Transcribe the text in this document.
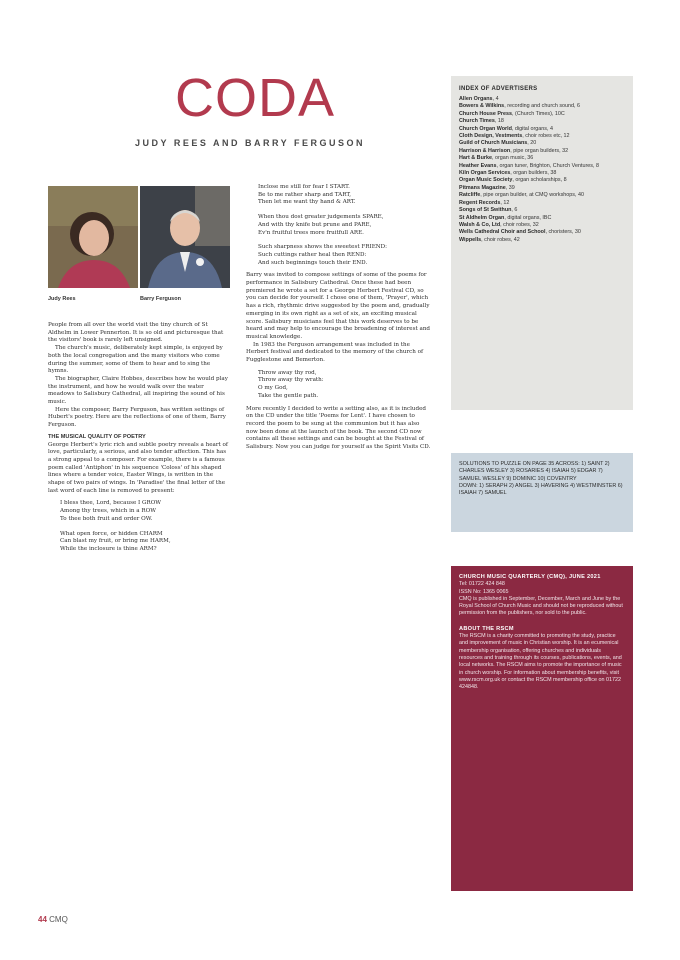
CODA
JUDY REES AND BARRY FERGUSON
Judy Rees	Barry Ferguson

People from all over the world visit the tiny church of St Aldhelm in Lower Pennerton. It is so old and picturesque that the visitors' book is rarely left unsigned.

The church's music, deliberately kept simple, is enjoyed by both the local congregation and the many visitors who come during the summer, some of them to hear and to sing the hymns.

The biographer, Claire Hobbes, describes how he would play the instrument, and how he would walk over the water meadows to Salisbury Cathedral, all inspiring the sound of his music.

Here the composer, Barry Ferguson, has written settings of Hubert's poetry. Here are the reflections of one of them, Barry Ferguson.

THE MUSICAL QUALITY OF POETRY

George Herbert's lyric rich and subtle poetry reveals a heart of love, particularly, a serious, and also tender affection. This has a strong appeal to a composer. For example, there is a famous poem called 'Antiphon' in his sequence 'Coloss' of his shaped lines where a tender voice, Easter Wings, is written in the shape of two pairs of wings. In 'Paradise' the final letter of the last word of each line is removed to present:

I bless thee, Lord, because I GROW
Among thy trees, which in a ROW
To thee both fruit and order OW.
What open force, or hidden CHARM
Can blast my fruit, or bring me HARM,
While the inclosure is thine ARM?
Inclose me still for fear I START.
Be to me rather sharp and TART,
Then let me want thy hand & ART.
When thou dost greater judgements SPARE,
And with thy knife but prune and PARE,
Ev'n fruitful trees more fruitfull ARE.
Such sharpness shows the sweetest FRIEND:
Such cuttings rather heal then REND:
And such beginnings touch their END.

Barry was invited to compose settings of some of the poems for performance in Salisbury Cathedral. Once these had been premiered he wrote a set for a George Herbert Festival CD, so you can decide for yourself. I chose one of them, 'Prayer', which has a rich, rhythmic drive suggested by the poem and, gradually emerging in its own right as a set of six, an exciting musical score. Salisbury musicians feel that this work deserves to be heard and may help to encourage the broadening of interest and musical knowledge.

In 1983 the Ferguson arrangement was included in the Herbert festival and dedicated to the memory of the church of Fugglestone and Bemerton.

Throw away thy rod,
Throw away thy wrath:
O my God,
Take the gentle path.

More recently I decided to write a setting also, as it is included on the CD under the title 'Poems for Lent'. I have chosen to record the poem to be sung at the communion but it has also now been done at the launch of the book. The second CD now contains all these settings and can be bought at the Festival of Salisbury. Now you can judge for yourself as the Spirit Visits CD.

INDEX OF ADVERTISERS
Allen Organs, 4
Bowers & Wilkins, recording and church sound, 6
Church House Press, (Church Times), 10C
Church Times, 18
Church Organ World, digital organs, 4
Cloth Design, Vestments, choir robes etc, 12
Guild of Church Musicians, 20
Harrison & Harrison, pipe organ builders, 32
Hart & Burke, organ music, 36
Heather Evans, organ tuner, Brighton, Church Ventures, 8
Kiln Organ Services, organ builders, 38
Organ Music Society, organ scholarships, 8
Pitmans Magazine, 39
Ratcliffe, pipe organ builder, at CMQ workshops, 40
Regent Records, 12
Songs of St Swithun, 6
St Aldhelm Organ, digital organs, IBC
Walsh & Co, Ltd, choir robes, 32
Wells Cathedral Choir and School, choristers, 30
Wippells, choir robes, 42
SOLUTIONS TO PUZZLE ON PAGE 35 ACROSS: 1) SAINT 2) CHARLES WESLEY 3) ROSARIES 4) ISAIAH 5) EDGAR 7) SAMUEL WESLEY 9) DOMINIC 10) COVENTRY
DOWN: 1) SERAPH 2) ANGEL 3) HAVERING 4) WESTMINSTER 6) ISAIAH 7) SAMUEL
CHURCH MUSIC QUARTERLY (CMQ), JUNE 2021

Tel: 01722 424 848

ISSN No: 1365 0065

CMQ is published in September, December, March and June by the Royal School of Church Music and should not be reproduced without permission from the publishers, nor sold to the public.

ABOUT THE RSCM

The RSCM is a charity committed to promoting the study, practice and improvement of music in Christian worship. It is an ecumenical membership organisation, offering churches and individuals resources and training through its courses, publications, events, and local networks. The RSCM aims to promote the importance of music in church worship. For information about membership benefits, visit www.rscm.org.uk or contact the RSCM membership office on 01722 424848.

44 CMQ
